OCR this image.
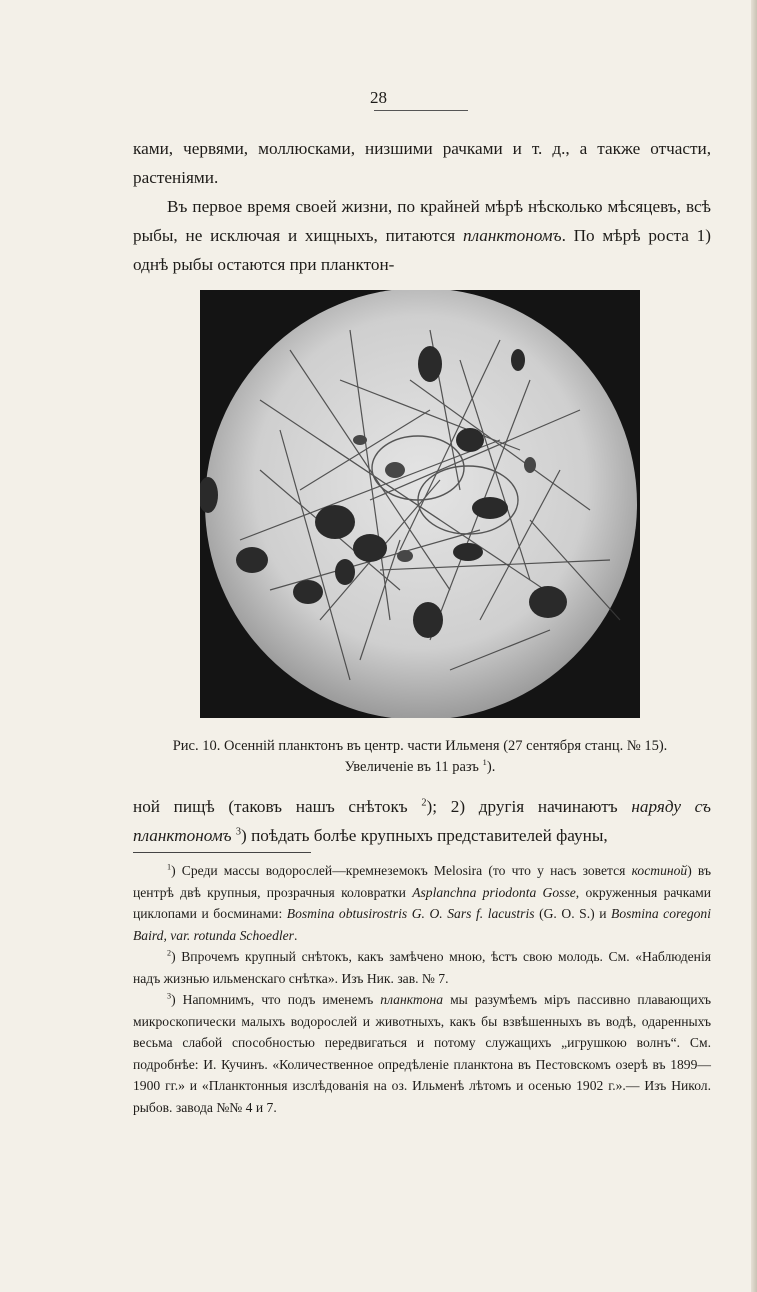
28

ками, червями, моллюсками, низшими рачками и т. д., а также отчасти, растеніями.

Въ первое время своей жизни, по крайней мѣрѣ нѣсколько мѣсяцевъ, всѣ рыбы, не исключая и хищныхъ, питаются планктономъ. По мѣрѣ роста 1) однѣ рыбы остаются при планктон-

Рис. 10. Осенній планктонъ въ центр. части Ильменя (27 сентября станц. № 15).
Увеличеніе въ 11 разъ $^1$).

ной пищѣ (таковъ нашъ снѣтокъ $^2$); 2) другія начинаютъ наряду съ планктономъ $^3$) поѣдать болѣе крупныхъ представителей фауны,

$^1$) Среди массы водорослей—кремнеземокъ Melosira (то что у насъ зовется костиной) въ центрѣ двѣ крупныя, прозрачныя коловратки Asplanchna priodonta Gosse, окруженныя рачками циклопами и босминами: Bosmina obtusirostris G. O. Sars f. lacustris (G. O. S.) и Bosmina coregoni Baird, var. rotunda Schoedler.

$^2$) Впрочемъ крупный снѣтокъ, какъ замѣчено мною, ѣстъ свою молодь. См. «Наблюденія надъ жизнью ильменскаго снѣтка». Изъ Ник. зав. № 7.

$^3$) Напомнимъ, что подъ именемъ планктона мы разумѣемъ міръ пассивно плавающихъ микроскопически малыхъ водорослей и животныхъ, какъ бы взвѣшенныхъ въ водѣ, одаренныхъ весьма слабой способностью передвигаться и потому служащихъ „игрушкою волнъ“. См. подробнѣе: И. Кучинъ. «Количественное опредѣленіе планктона въ Пестовскомъ озерѣ въ 1899—1900 гг.» и «Планктонныя изслѣдованія на оз. Ильменѣ лѣтомъ и осенью 1902 г.».— Изъ Никол. рыбов. завода №№ 4 и 7.
